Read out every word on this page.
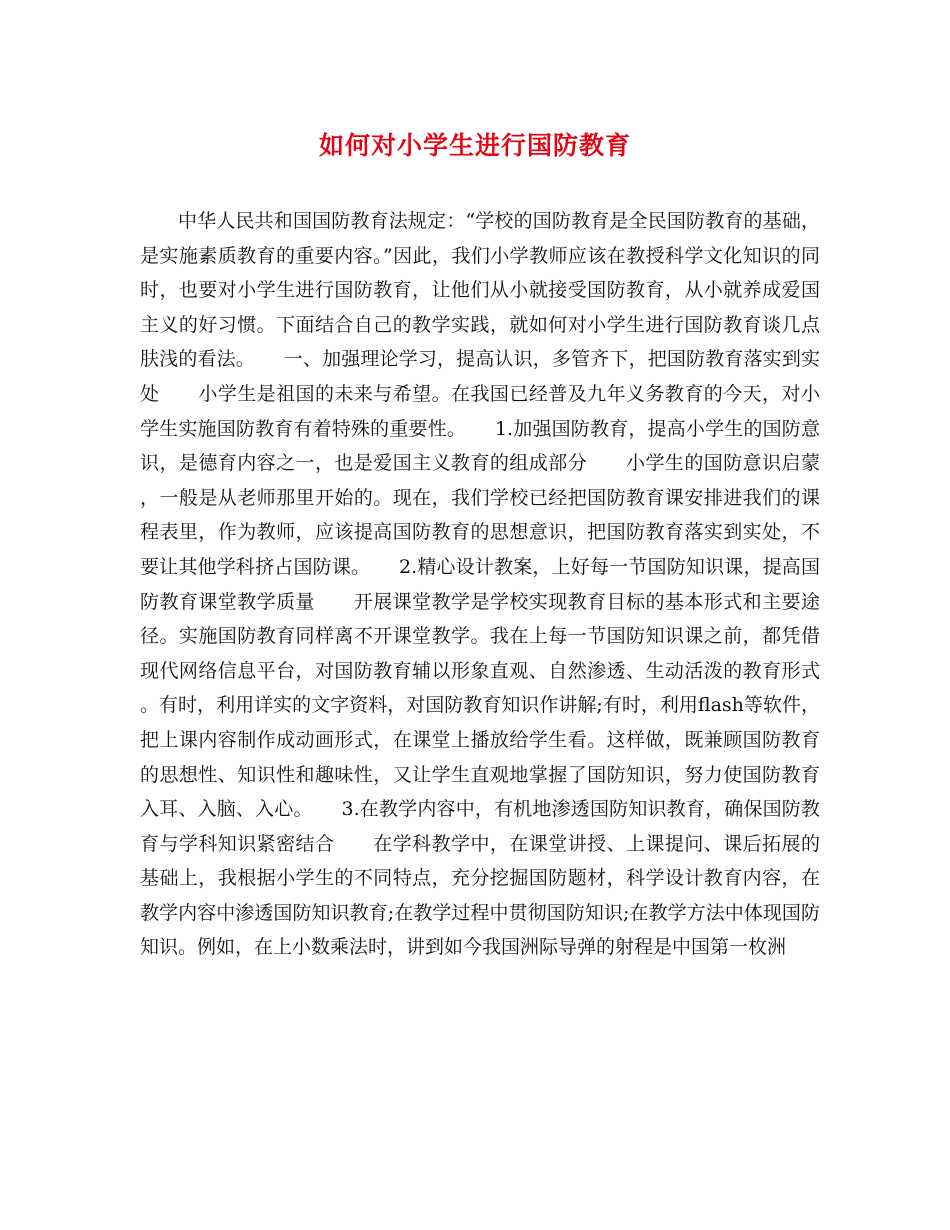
如何对小学生进行国防教育

中华人民共和国国防教育法规定：“学校的国防教育是全民国防教育的基础，是实施素质教育的重要内容。”因此，我们小学教师应该在教授科学文化知识的同时，也要对小学生进行国防教育，让他们从小就接受国防教育，从小就养成爱国主义的好习惯。下面结合自己的教学实践，就如何对小学生进行国防教育谈几点肤浅的看法。　　一、加强理论学习，提高认识，多管齐下，把国防教育落实到实处　　小学生是祖国的未来与希望。在我国已经普及九年义务教育的今天，对小学生实施国防教育有着特殊的重要性。　　1.加强国防教育，提高小学生的国防意识，是德育内容之一，也是爱国主义教育的组成部分　　小学生的国防意识启蒙，一般是从老师那里开始的。现在，我们学校已经把国防教育课安排进我们的课程表里，作为教师，应该提高国防教育的思想意识，把国防教育落实到实处，不要让其他学科挤占国防课。　　2.精心设计教案，上好每一节国防知识课，提高国防教育课堂教学质量　　开展课堂教学是学校实现教育目标的基本形式和主要途径。实施国防教育同样离不开课堂教学。我在上每一节国防知识课之前，都凭借现代网络信息平台，对国防教育辅以形象直观、自然渗透、生动活泼的教育形式。有时，利用详实的文字资料，对国防教育知识作讲解;有时，利用flash等软件，把上课内容制作成动画形式，在课堂上播放给学生看。这样做，既兼顾国防教育的思想性、知识性和趣味性，又让学生直观地掌握了国防知识，努力使国防教育入耳、入脑、入心。　　3.在教学内容中，有机地渗透国防知识教育，确保国防教育与学科知识紧密结合　　在学科教学中，在课堂讲授、上课提问、课后拓展的基础上，我根据小学生的不同特点，充分挖掘国防题材，科学设计教育内容，在教学内容中渗透国防知识教育;在教学过程中贯彻国防知识;在教学方法中体现国防知识。例如，在上小数乘法时，讲到如今我国洲际导弹的射程是中国第一枚洲
